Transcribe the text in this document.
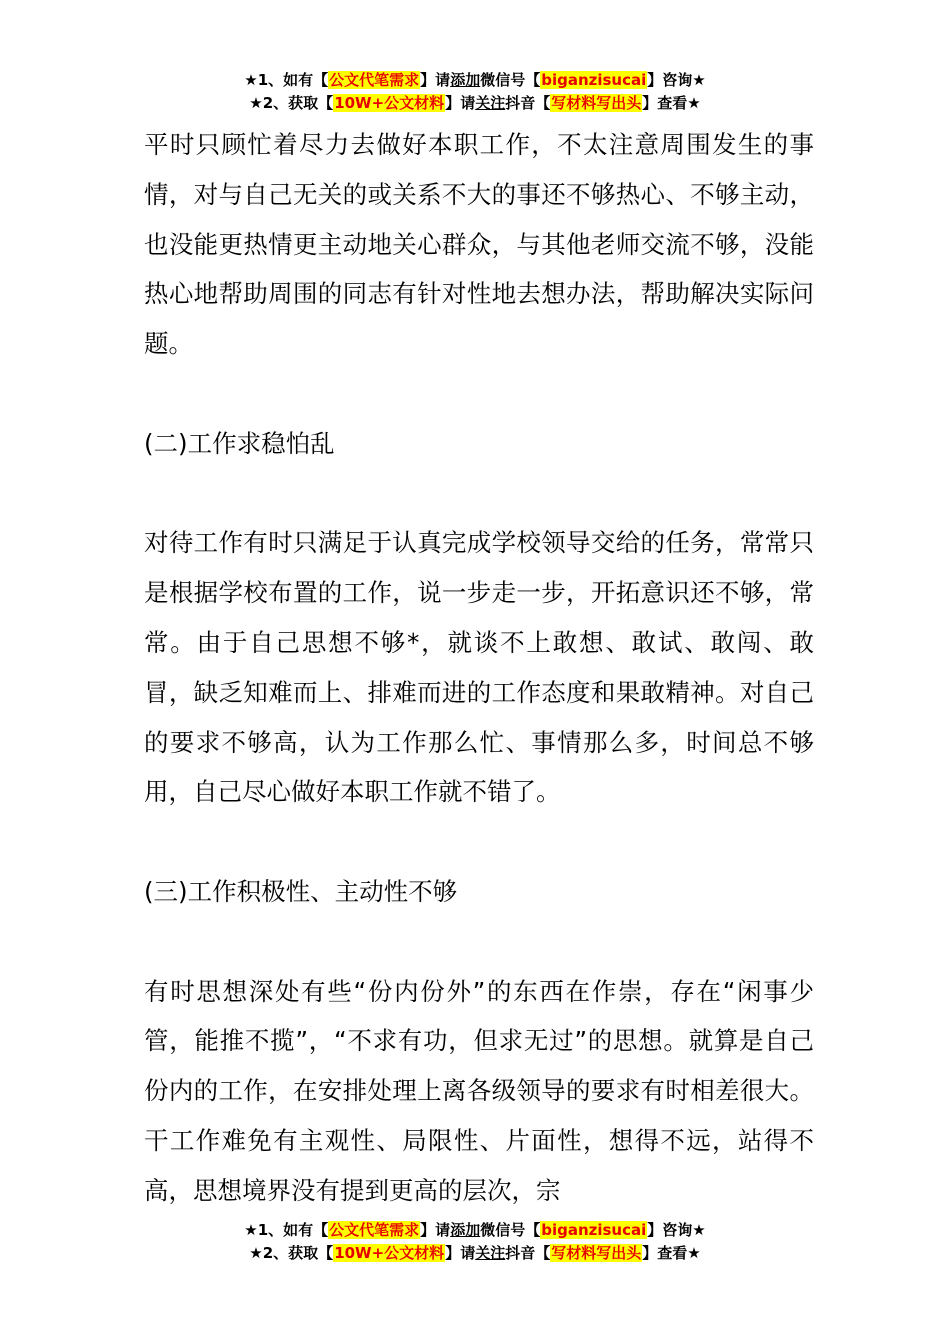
★1、如有【公文代笔需求】请添加微信号【biganzisucai】咨询★
★2、获取【10W+公文材料】请关注抖音【写材料写出头】查看★

平时只顾忙着尽力去做好本职工作，不太注意周围发生的事情，对与自己无关的或关系不大的事还不够热心、不够主动，也没能更热情更主动地关心群众，与其他老师交流不够，没能热心地帮助周围的同志有针对性地去想办法，帮助解决实际问题。

(二)工作求稳怕乱

对待工作有时只满足于认真完成学校领导交给的任务，常常只是根据学校布置的工作，说一步走一步，开拓意识还不够，常常。由于自己思想不够*，就谈不上敢想、敢试、敢闯、敢冒，缺乏知难而上、排难而进的工作态度和果敢精神。对自己的要求不够高，认为工作那么忙、事情那么多，时间总不够用，自己尽心做好本职工作就不错了。

(三)工作积极性、主动性不够

有时思想深处有些“份内份外”的东西在作崇，存在“闲事少管，能推不揽”，“不求有功，但求无过”的思想。就算是自己份内的工作，在安排处理上离各级领导的要求有时相差很大。干工作难免有主观性、局限性、片面性，想得不远，站得不高，思想境界没有提到更高的层次，宗

★1、如有【公文代笔需求】请添加微信号【biganzisucai】咨询★
★2、获取【10W+公文材料】请关注抖音【写材料写出头】查看★
